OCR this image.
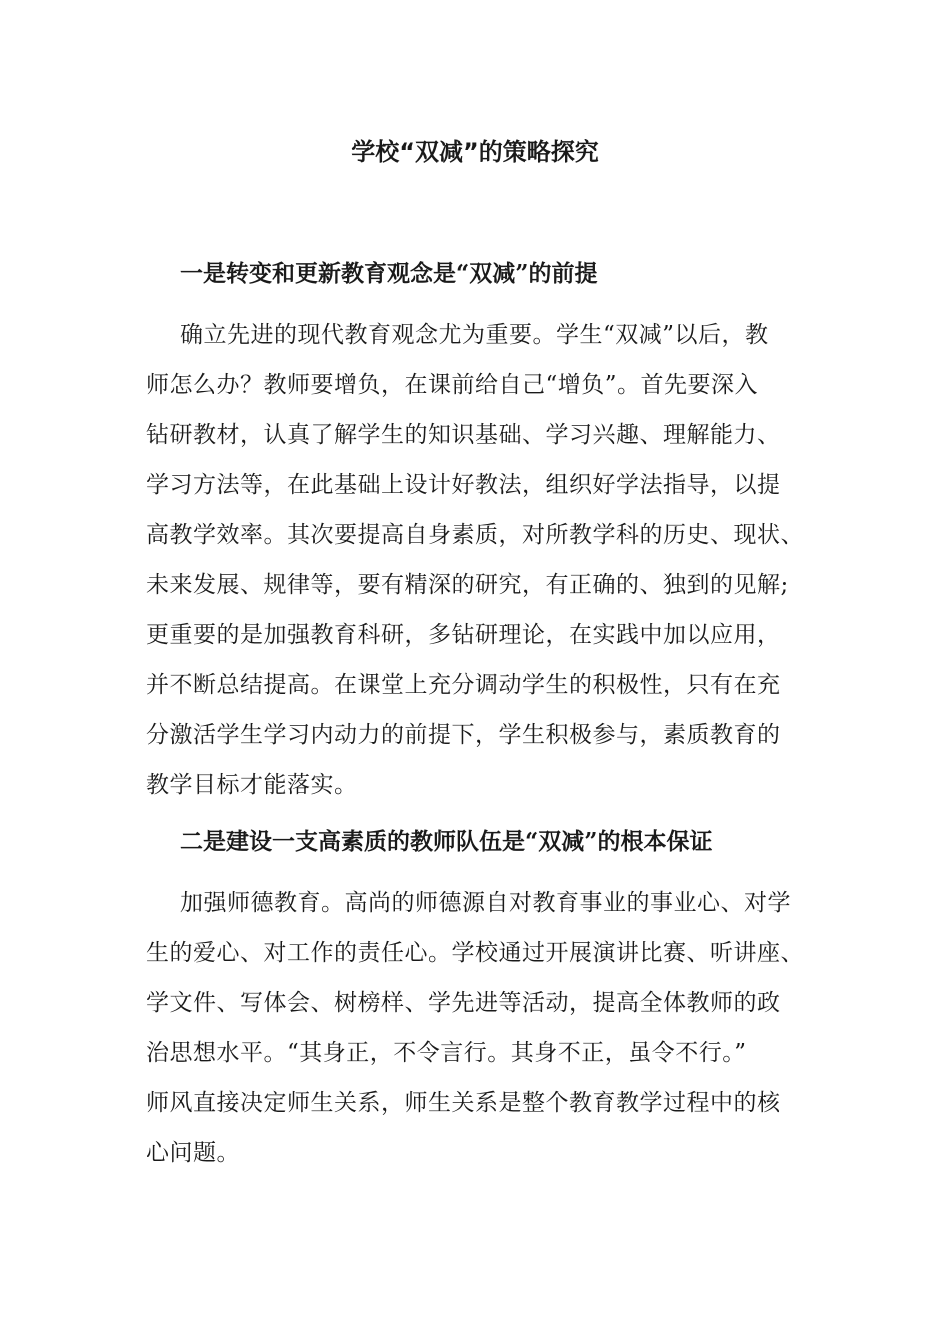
学校“双减”的策略探究
一是转变和更新教育观念是“双减”的前提
确立先进的现代教育观念尤为重要。学生“双减”以后，教
师怎么办？教师要增负，在课前给自己“增负”。首先要深入
钻研教材，认真了解学生的知识基础、学习兴趣、理解能力、
学习方法等，在此基础上设计好教法，组织好学法指导，以提
高教学效率。其次要提高自身素质，对所教学科的历史、现状、
未来发展、规律等，要有精深的研究，有正确的、独到的见解;
更重要的是加强教育科研，多钻研理论，在实践中加以应用，
并不断总结提高。在课堂上充分调动学生的积极性，只有在充
分激活学生学习内动力的前提下，学生积极参与，素质教育的
教学目标才能落实。
二是建设一支高素质的教师队伍是“双减”的根本保证
加强师德教育。高尚的师德源自对教育事业的事业心、对学
生的爱心、对工作的责任心。学校通过开展演讲比赛、听讲座、
学文件、写体会、树榜样、学先进等活动，提高全体教师的政
治思想水平。“其身正，不令言行。其身不正，虽令不行。”
师风直接决定师生关系，师生关系是整个教育教学过程中的核
心问题。
